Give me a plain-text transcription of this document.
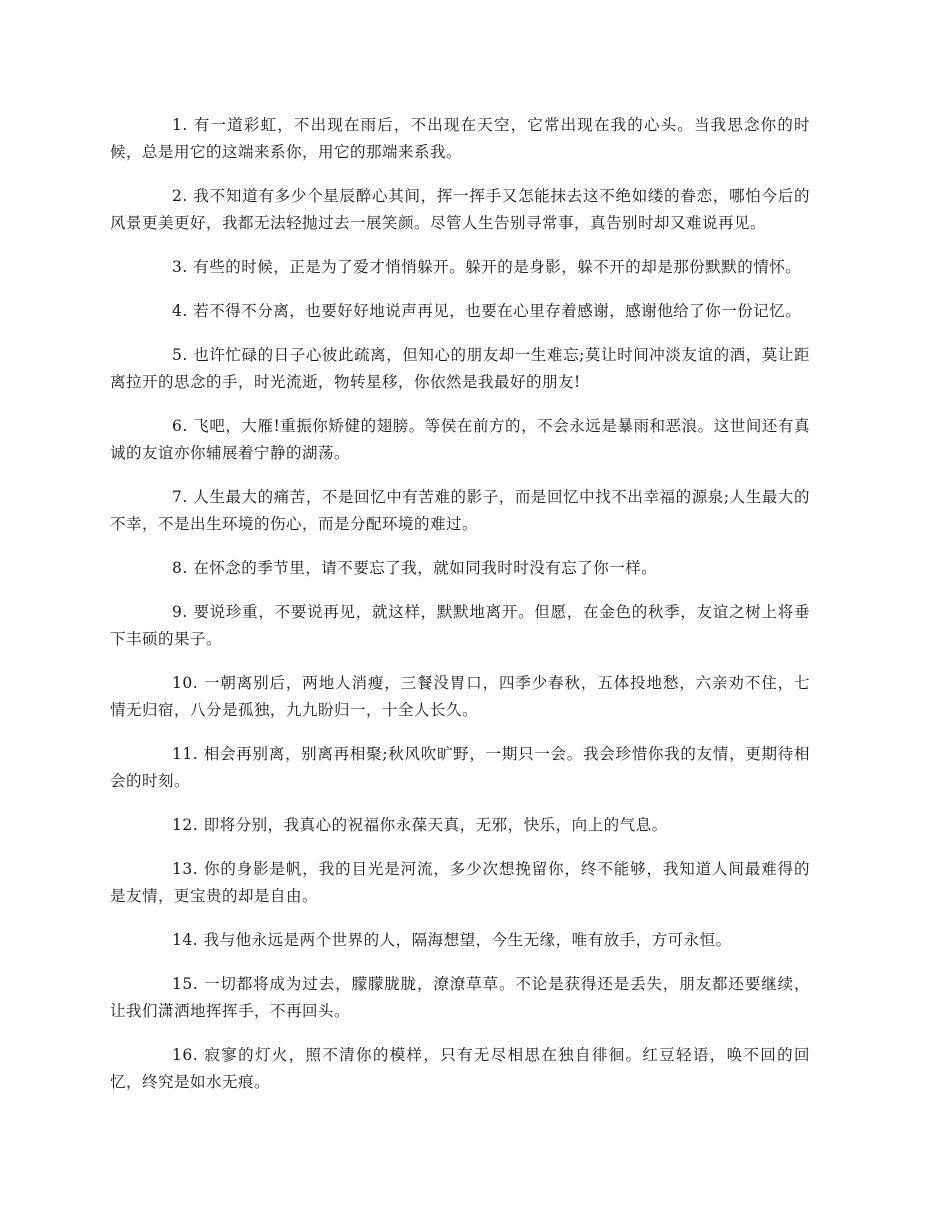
1. 有一道彩虹，不出现在雨后，不出现在天空，它常出现在我的心头。当我思念你的时候，总是用它的这端来系你，用它的那端来系我。

2. 我不知道有多少个星辰醉心其间，挥一挥手又怎能抹去这不绝如缕的眷恋，哪怕今后的风景更美更好，我都无法轻抛过去一展笑颜。尽管人生告别寻常事，真告别时却又难说再见。

3. 有些的时候，正是为了爱才悄悄躲开。躲开的是身影，躲不开的却是那份默默的情怀。

4. 若不得不分离，也要好好地说声再见，也要在心里存着感谢，感谢他给了你一份记忆。

5. 也许忙碌的日子心彼此疏离，但知心的朋友却一生难忘;莫让时间冲淡友谊的酒，莫让距离拉开的思念的手，时光流逝，物转星移，你依然是我最好的朋友!

6. 飞吧，大雁!重振你矫健的翅膀。等侯在前方的，不会永远是暴雨和恶浪。这世间还有真诚的友谊亦你辅展着宁静的湖荡。

7. 人生最大的痛苦，不是回忆中有苦难的影子，而是回忆中找不出幸福的源泉;人生最大的不幸，不是出生环境的伤心，而是分配环境的难过。

8. 在怀念的季节里，请不要忘了我，就如同我时时没有忘了你一样。

9. 要说珍重，不要说再见，就这样，默默地离开。但愿，在金色的秋季，友谊之树上将垂下丰硕的果子。

10. 一朝离别后，两地人消瘦，三餐没胃口，四季少春秋，五体投地愁，六亲劝不住，七情无归宿，八分是孤独，九九盼归一，十全人长久。

11. 相会再别离，别离再相聚;秋风吹旷野，一期只一会。我会珍惜你我的友情，更期待相会的时刻。

12. 即将分别，我真心的祝福你永葆天真，无邪，快乐，向上的气息。

13. 你的身影是帆，我的目光是河流，多少次想挽留你，终不能够，我知道人间最难得的是友情，更宝贵的却是自由。

14. 我与他永远是两个世界的人，隔海想望，今生无缘，唯有放手，方可永恒。

15. 一切都将成为过去，朦朦胧胧，潦潦草草。不论是获得还是丢失，朋友都还要继续，让我们潇洒地挥挥手，不再回头。

16. 寂寥的灯火，照不清你的模样，只有无尽相思在独自徘徊。红豆轻语，唤不回的回忆，终究是如水无痕。
